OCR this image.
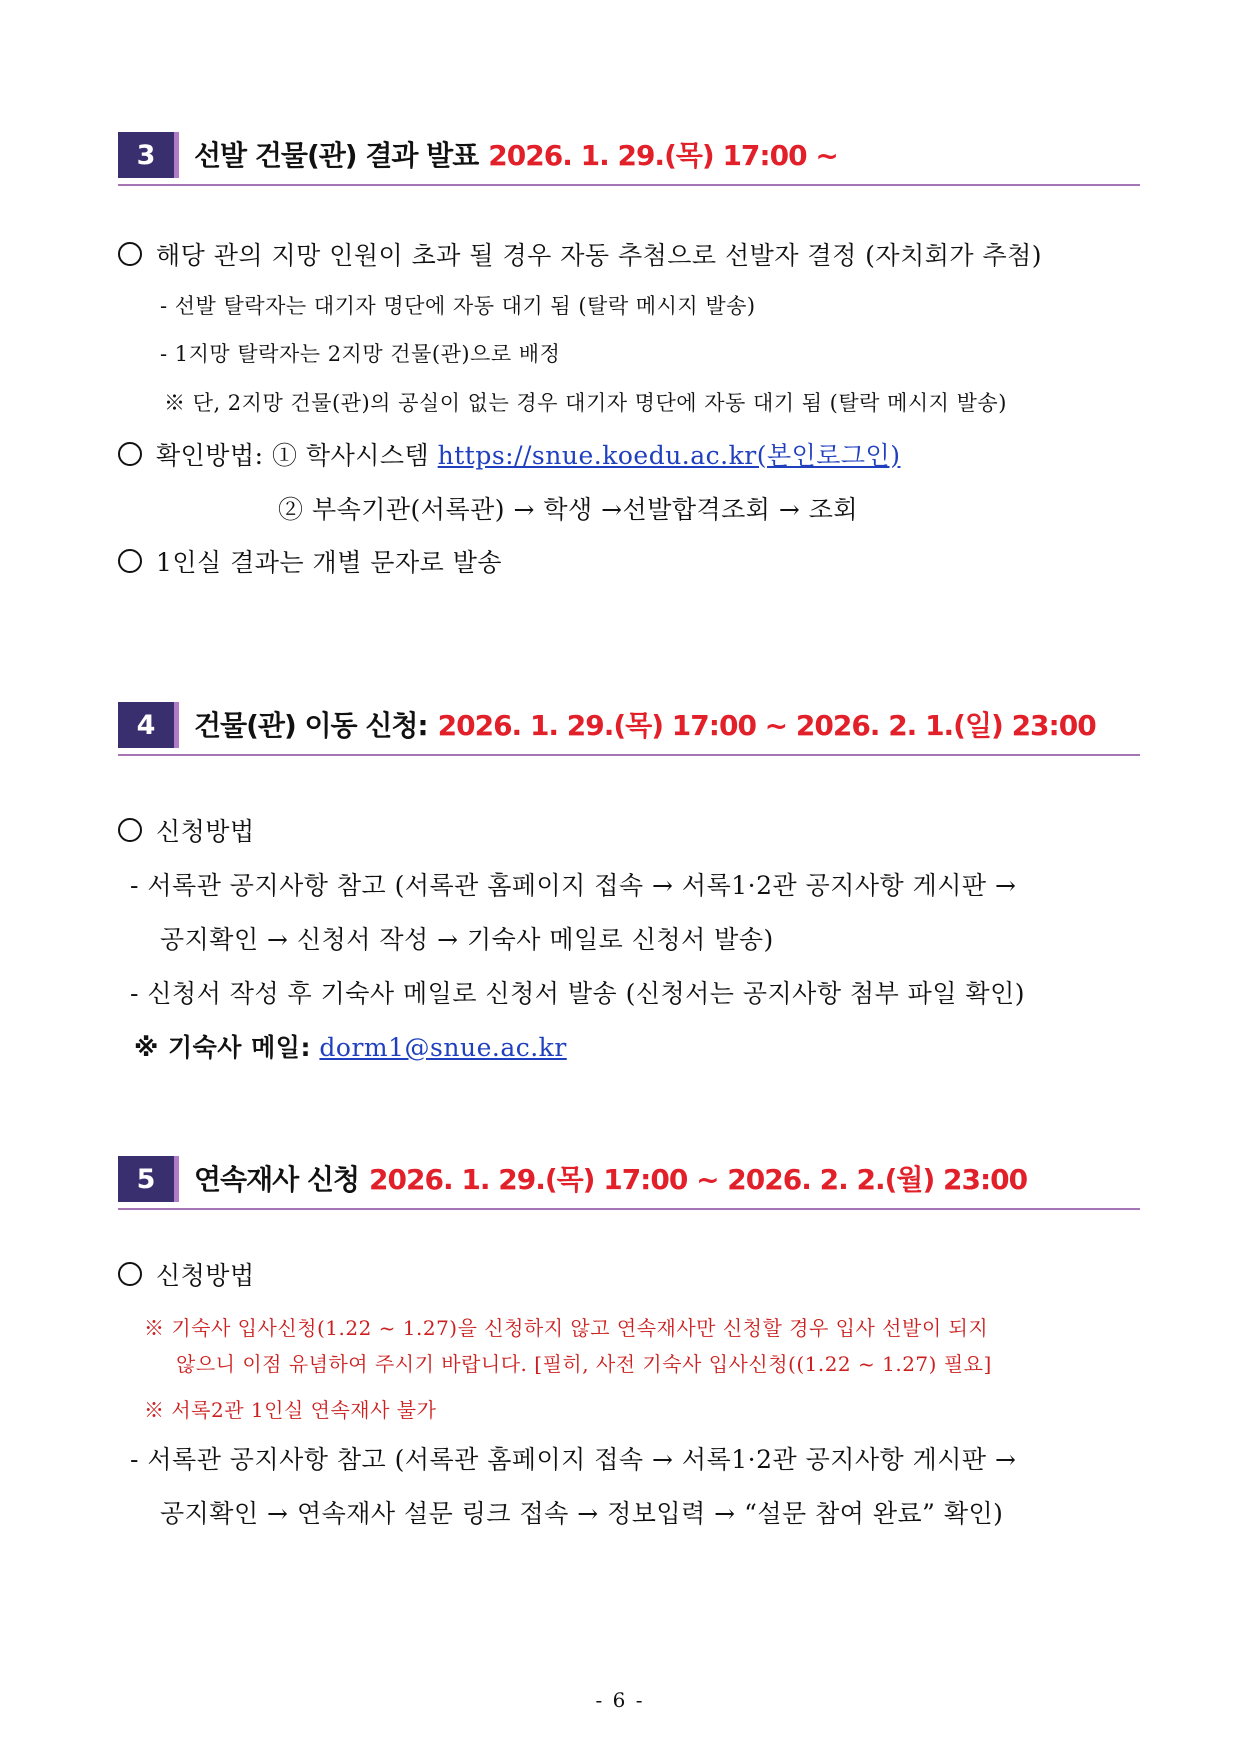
3	선발 건물(관) 결과 발표 2026. 1. 29.(목) 17:00 ~
해당 관의 지망 인원이 초과 될 경우 자동 추첨으로 선발자 결정 (자치회가 추첨)
- 선발 탈락자는 대기자 명단에 자동 대기 됨 (탈락 메시지 발송)
- 1지망 탈락자는 2지망 건물(관)으로 배정
※ 단, 2지망 건물(관)의 공실이 없는 경우 대기자 명단에 자동 대기 됨 (탈락 메시지 발송)
확인방법: ① 학사시스템 https://snue.koedu.ac.kr(본인로그인)
② 부속기관(서록관) → 학생 →선발합격조회 → 조회
1인실 결과는 개별 문자로 발송
4	건물(관) 이동 신청: 2026. 1. 29.(목) 17:00 ~ 2026. 2. 1.(일) 23:00
신청방법
- 서록관 공지사항 참고 (서록관 홈페이지 접속 → 서록1·2관 공지사항 게시판 →
공지확인 → 신청서 작성 → 기숙사 메일로 신청서 발송)
- 신청서 작성 후 기숙사 메일로 신청서 발송 (신청서는 공지사항 첨부 파일 확인)
※ 기숙사 메일: dorm1@snue.ac.kr
5	연속재사 신청 2026. 1. 29.(목) 17:00 ~ 2026. 2. 2.(월) 23:00
신청방법
※ 기숙사 입사신청(1.22 ~ 1.27)을 신청하지 않고 연속재사만 신청할 경우 입사 선발이 되지
않으니 이점 유념하여 주시기 바랍니다. [필히, 사전 기숙사 입사신청((1.22 ~ 1.27) 필요]
※ 서록2관 1인실 연속재사 불가
- 서록관 공지사항 참고 (서록관 홈페이지 접속 → 서록1·2관 공지사항 게시판 →
공지확인 → 연속재사 설문 링크 접속 → 정보입력 → “설문 참여 완료” 확인)
- 6 -
